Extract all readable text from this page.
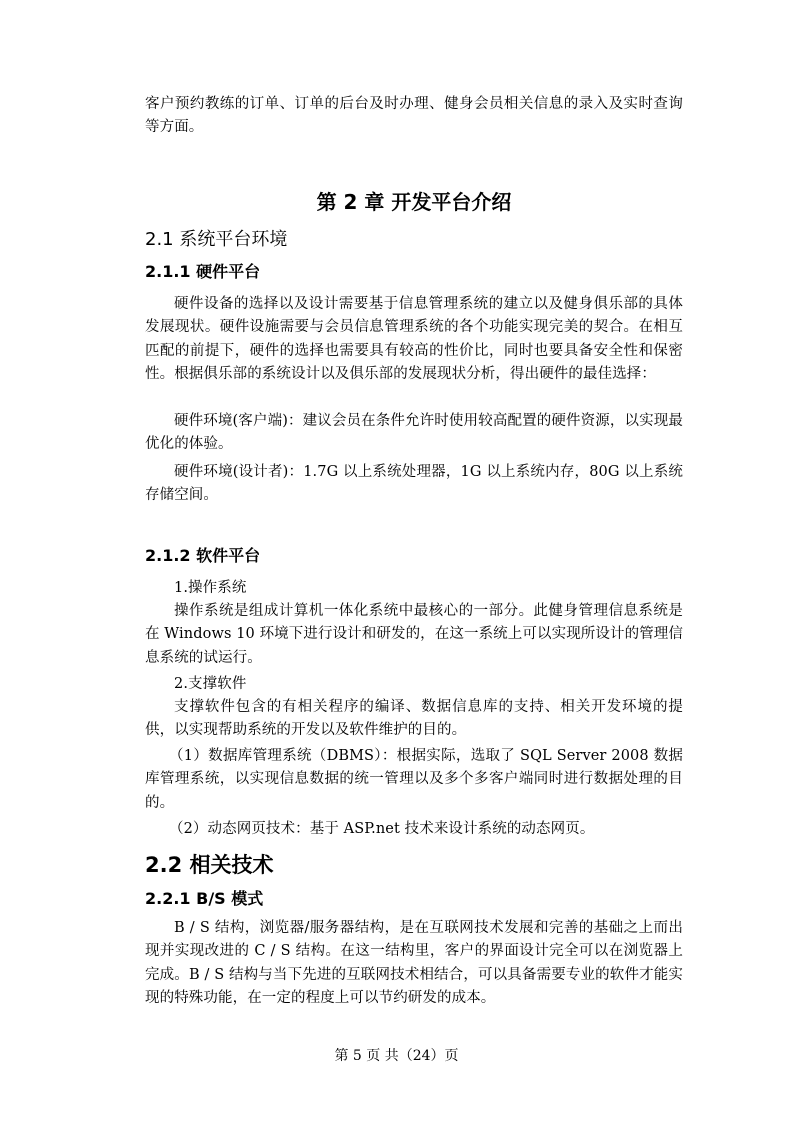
客户预约教练的订单、订单的后台及时办理、健身会员相关信息的录入及实时查询等方面。

第 2 章 开发平台介绍
2.1 系统平台环境
2.1.1 硬件平台

硬件设备的选择以及设计需要基于信息管理系统的建立以及健身俱乐部的具体发展现状。硬件设施需要与会员信息管理系统的各个功能实现完美的契合。在相互匹配的前提下，硬件的选择也需要具有较高的性价比，同时也要具备安全性和保密性。根据俱乐部的系统设计以及俱乐部的发展现状分析，得出硬件的最佳选择：

硬件环境(客户端)：建议会员在条件允许时使用较高配置的硬件资源，以实现最优化的体验。

硬件环境(设计者)：1.7G 以上系统处理器，1G 以上系统内存，80G 以上系统存储空间。

2.1.2 软件平台

1.操作系统

操作系统是组成计算机一体化系统中最核心的一部分。此健身管理信息系统是在 Windows 10 环境下进行设计和研发的，在这一系统上可以实现所设计的管理信息系统的试运行。

2.支撑软件

支撑软件包含的有相关程序的编译、数据信息库的支持、相关开发环境的提供，以实现帮助系统的开发以及软件维护的目的。

（1）数据库管理系统（DBMS）：根据实际，选取了 SQL Server 2008 数据库管理系统，以实现信息数据的统一管理以及多个多客户端同时进行数据处理的目的。

（2）动态网页技术：基于 ASP.net 技术来设计系统的动态网页。

2.2 相关技术
2.2.1 B/S 模式

B / S 结构，浏览器/服务器结构，是在互联网技术发展和完善的基础之上而出现并实现改进的 C / S 结构。在这一结构里，客户的界面设计完全可以在浏览器上完成。B / S 结构与当下先进的互联网技术相结合，可以具备需要专业的软件才能实现的特殊功能，在一定的程度上可以节约研发的成本。

第 5 页 共（24）页
